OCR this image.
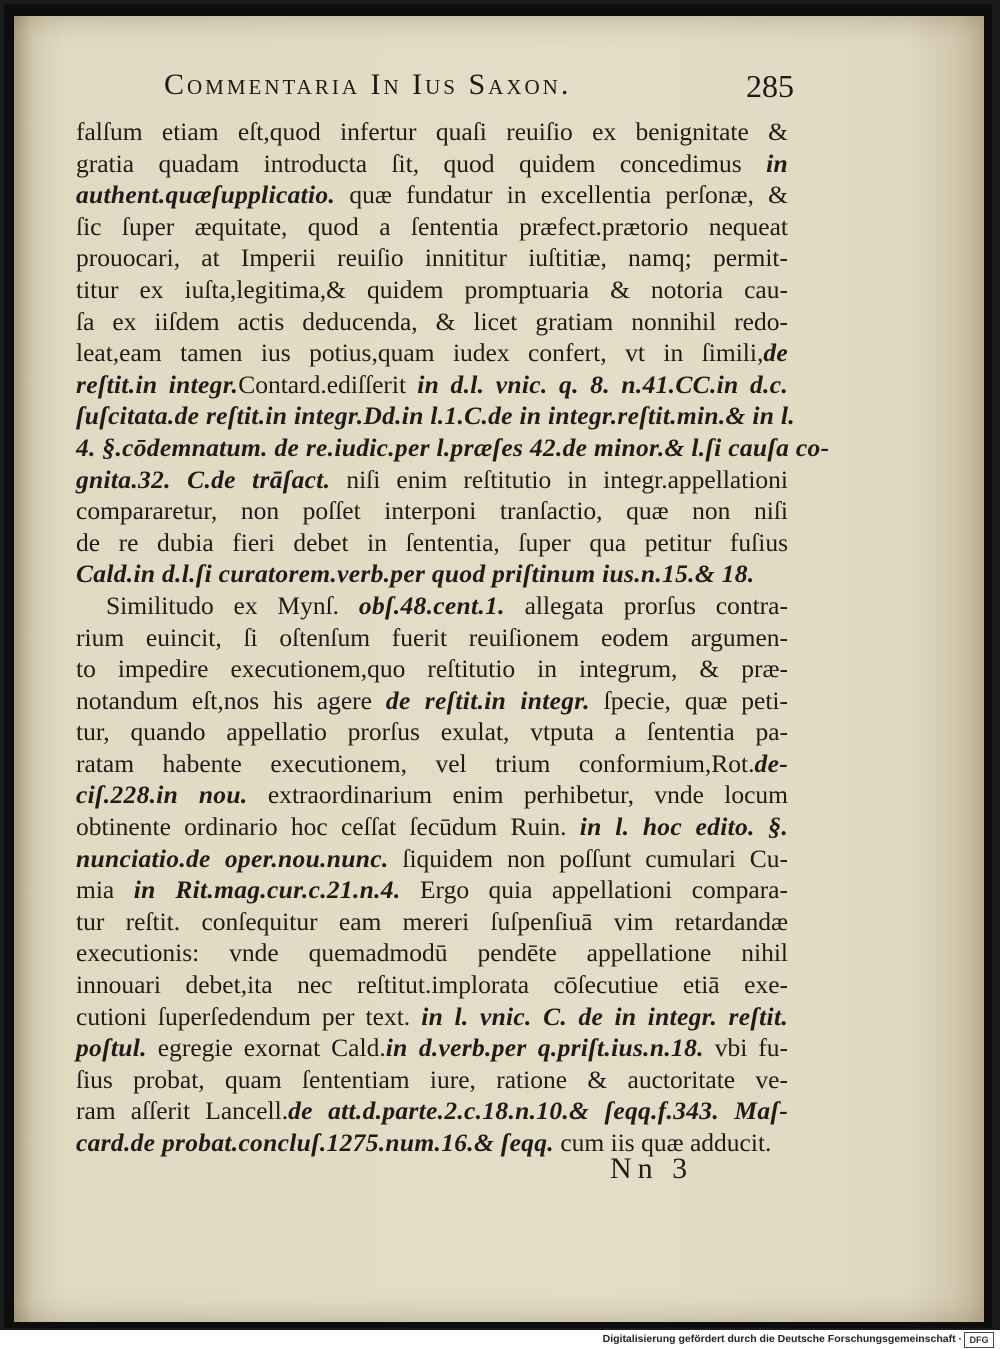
Commentaria In Ius Saxon.	285
falſum etiam eſt,quod infertur quaſi reuiſio ex benignitate &
gratia quadam introducta ſit, quod quidem concedimus in
authent.quæſupplicatio. quæ fundatur in excellentia perſonæ, &
ſic ſuper æquitate, quod a ſententia præfect.prætorio nequeat
prouocari, at Imperii reuiſio innititur iuſtitiæ, namq; permit-
titur ex iuſta,legitima,& quidem promptuaria & notoria cau-
ſa ex iiſdem actis deducenda, & licet gratiam nonnihil redo-
leat,eam tamen ius potius,quam iudex confert, vt in ſimili,de
reſtit.in integr.Contard.ediſſerit in d.l. vnic. q. 8. n.41.CC.in d.c.
ſuſcitata.de reſtit.in integr.Dd.in l.1.C.de in integr.reſtit.min.& in l.
4. §.cōdemnatum. de re.iudic.per l.præſes 42.de minor.& l.ſi cauſa co-
gnita.32. C.de trāſact. niſi enim reſtitutio in integr.appellationi
compararetur, non poſſet interponi tranſactio, quæ non niſi
de re dubia fieri debet in ſententia, ſuper qua petitur fuſius
Cald.in d.l.ſi curatorem.verb.per quod priſtinum ius.n.15.& 18.
Similitudo ex Mynſ. obſ.48.cent.1. allegata prorſus contra-
rium euincit, ſi oſtenſum fuerit reuiſionem eodem argumen-
to impedire executionem,quo reſtitutio in integrum, & præ-
notandum eſt,nos his agere de reſtit.in integr. ſpecie, quæ peti-
tur, quando appellatio prorſus exulat, vtputa a ſententia pa-
ratam habente executionem, vel trium conformium,Rot.de-
ciſ.228.in nou. extraordinarium enim perhibetur, vnde locum
obtinente ordinario hoc ceſſat ſecūdum Ruin. in l. hoc edito. §.
nunciatio.de oper.nou.nunc. ſiquidem non poſſunt cumulari Cu-
mia in Rit.mag.cur.c.21.n.4. Ergo quia appellationi compara-
tur reſtit. conſequitur eam mereri ſuſpenſiuā vim retardandæ
executionis: vnde quemadmodū pendēte appellatione nihil
innouari debet,ita nec reſtitut.implorata cōſecutiue etiā exe-
cutioni ſuperſedendum per text. in l. vnic. C. de in integr. reſtit.
poſtul. egregie exornat Cald.in d.verb.per q.priſt.ius.n.18. vbi fu-
ſius probat, quam ſententiam iure, ratione & auctoritate ve-
ram aſſerit Lancell.de att.d.parte.2.c.18.n.10.& ſeqq.f.343. Maſ-
card.de probat.concluſ.1275.num.16.& ſeqq. cum iis quæ adducit.
Nn 3
Digitalisierung gefördert durch die Deutsche Forschungsgemeinschaft · DFG
